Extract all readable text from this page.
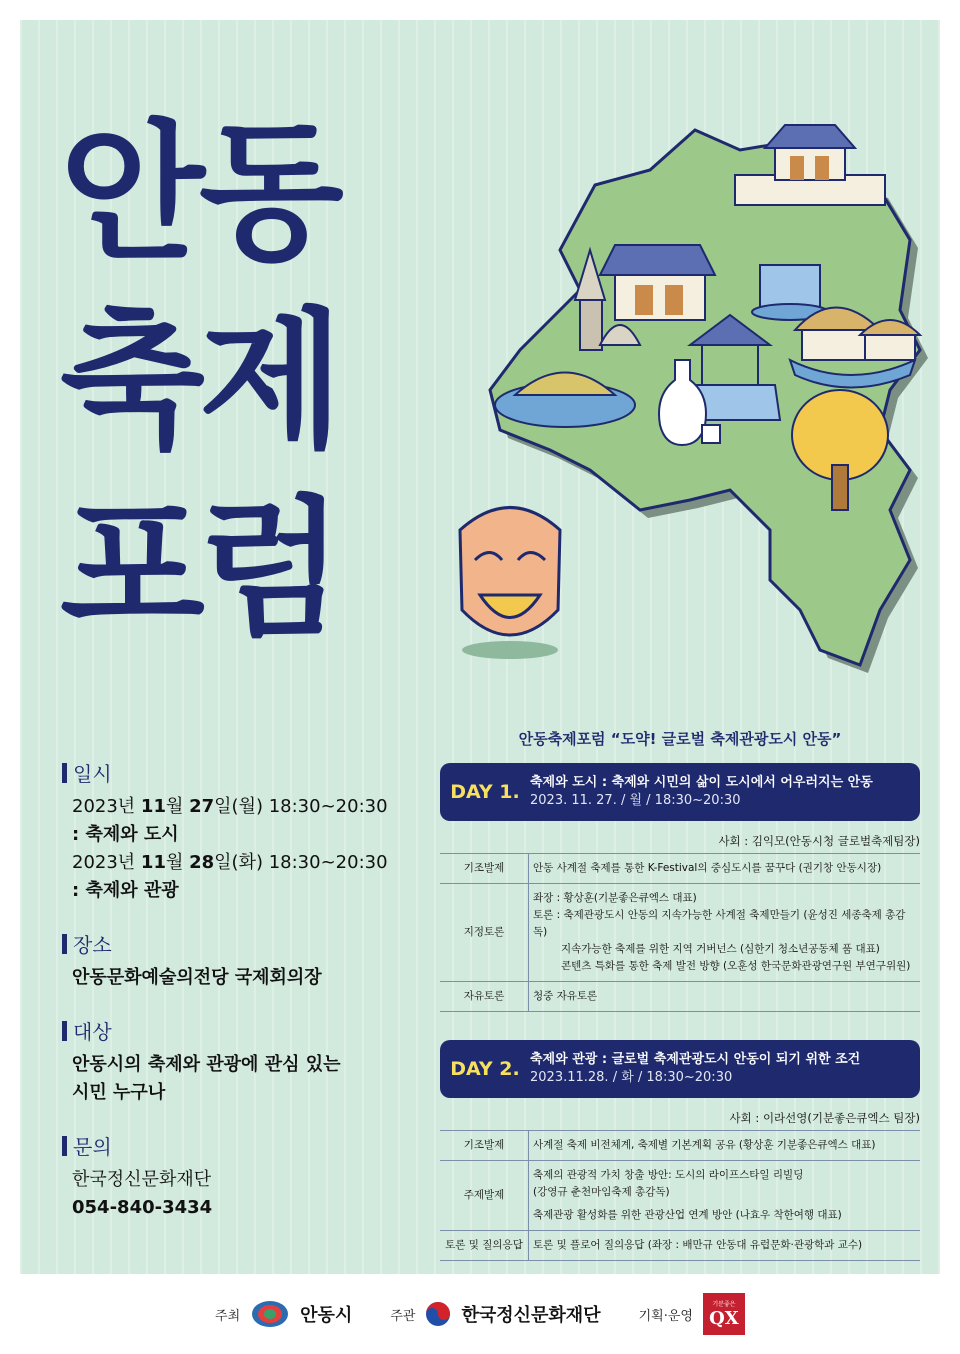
안동
축제
포럼
일시
2023년 11월 27일(월) 18:30~20:30
: 축제와 도시
2023년 11월 28일(화) 18:30~20:30
: 축제와 관광
장소
안동문화예술의전당 국제회의장
대상
안동시의 축제와 관광에 관심 있는
시민 누구나
문의
한국정신문화재단
054-840-3434
안동축제포럼 “도약! 글로벌 축제관광도시 안동”
DAY 1. 축제와 도시 : 축제와 시민의 삶이 도시에서 어우러지는 안동
2023. 11. 27. / 월 / 18:30~20:30
사회 : 김익모(안동시청 글로벌축제팀장)
기조발제	안동 사계절 축제를 통한 K-Festival의 중심도시를 꿈꾸다 (권기창 안동시장)
지정토론	좌장 : 황상훈(기분좋은큐엑스 대표)
토론 : 축제관광도시 안동의 지속가능한 사계절 축제만들기 (윤성진 세종축제 총감독)
지속가능한 축제를 위한 지역 거버넌스 (심한기 청소년공동체 품 대표)
콘텐츠 특화를 통한 축제 발전 방향 (오훈성 한국문화관광연구원 부연구위원)

자유토론	청중 자유토론
DAY 2. 축제와 관광 : 글로벌 축제관광도시 안동이 되기 위한 조건
2023.11.28. / 화 / 18:30~20:30
사회 : 이라선영(기분좋은큐엑스 팀장)
기조발제	사계절 축제 비전체계, 축제별 기본계획 공유 (황상훈 기분좋은큐엑스 대표)
주제발제	축제의 관광적 가치 창출 방안: 도시의 라이프스타일 리빌딩
(강영규 춘천마임축제 총감독)
축제관광 활성화를 위한 관광산업 연계 방안 (나효우 착한여행 대표)

토론 및 질의응답	토론 및 플로어 질의응답 (좌장 : 배만규 안동대 유럽문화·관광학과 교수)
주최	안동시	주관	한국정신문화재단	기획·운영
기분좋은
QX
